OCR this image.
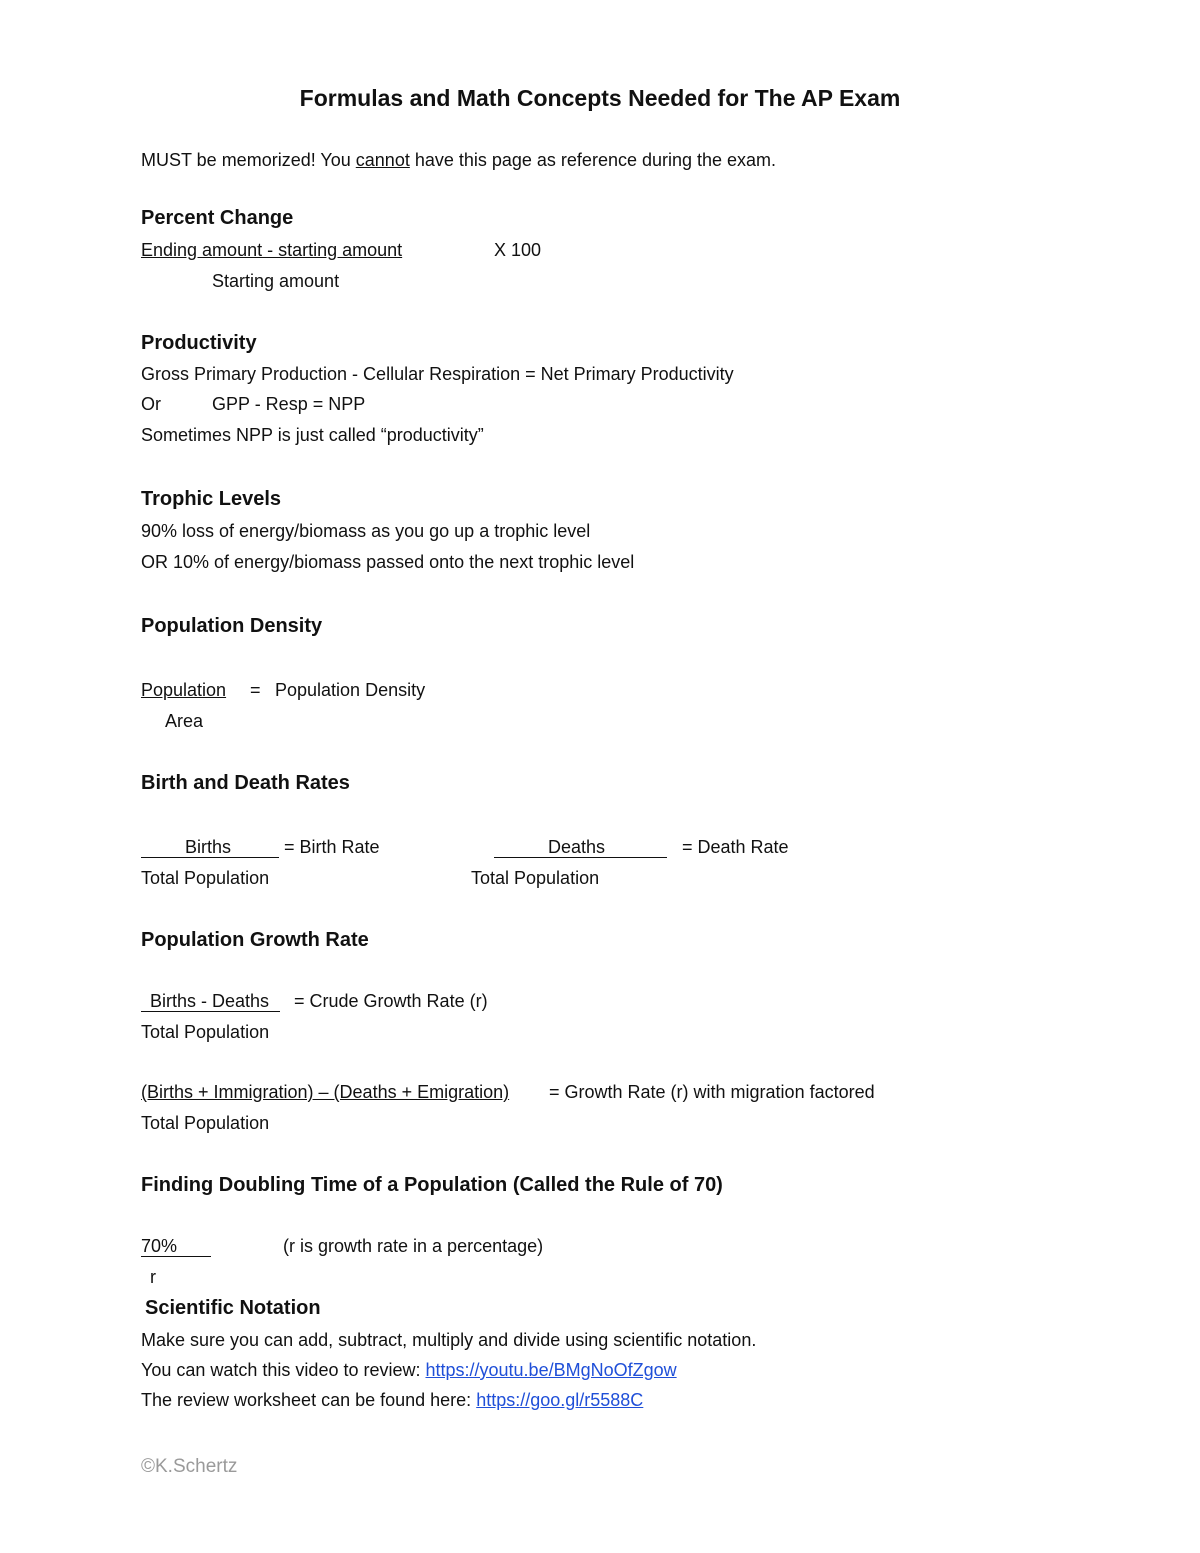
Formulas and Math Concepts Needed for The AP Exam
MUST be memorized! You cannot have this page as reference during the exam.
Percent Change
Ending amount - starting amount	X 100
Starting amount
Productivity
Gross Primary Production - Cellular Respiration = Net Primary Productivity
Or	GPP - Resp = NPP
Sometimes NPP is just called “productivity”
Trophic Levels
90% loss of energy/biomass as you go up a trophic level
OR 10% of energy/biomass passed onto the next trophic level
Population Density
Population = Population Density
Area
Birth and Death Rates
Births	= Birth Rate
Total Population
Deaths	= Death Rate
Total Population
Population Growth Rate
Births - Deaths = Crude Growth Rate (r)
Total Population
(Births + Immigration) – (Deaths + Emigration) = Growth Rate (r) with migration factored
Total Population
Finding Doubling Time of a Population (Called the Rule of 70)
70%	(r is growth rate in a percentage)
r
Scientific Notation
Make sure you can add, subtract, multiply and divide using scientific notation.
You can watch this video to review: https://youtu.be/BMgNoOfZgow
The review worksheet can be found here: https://goo.gl/r5588C
©K.Schertz
